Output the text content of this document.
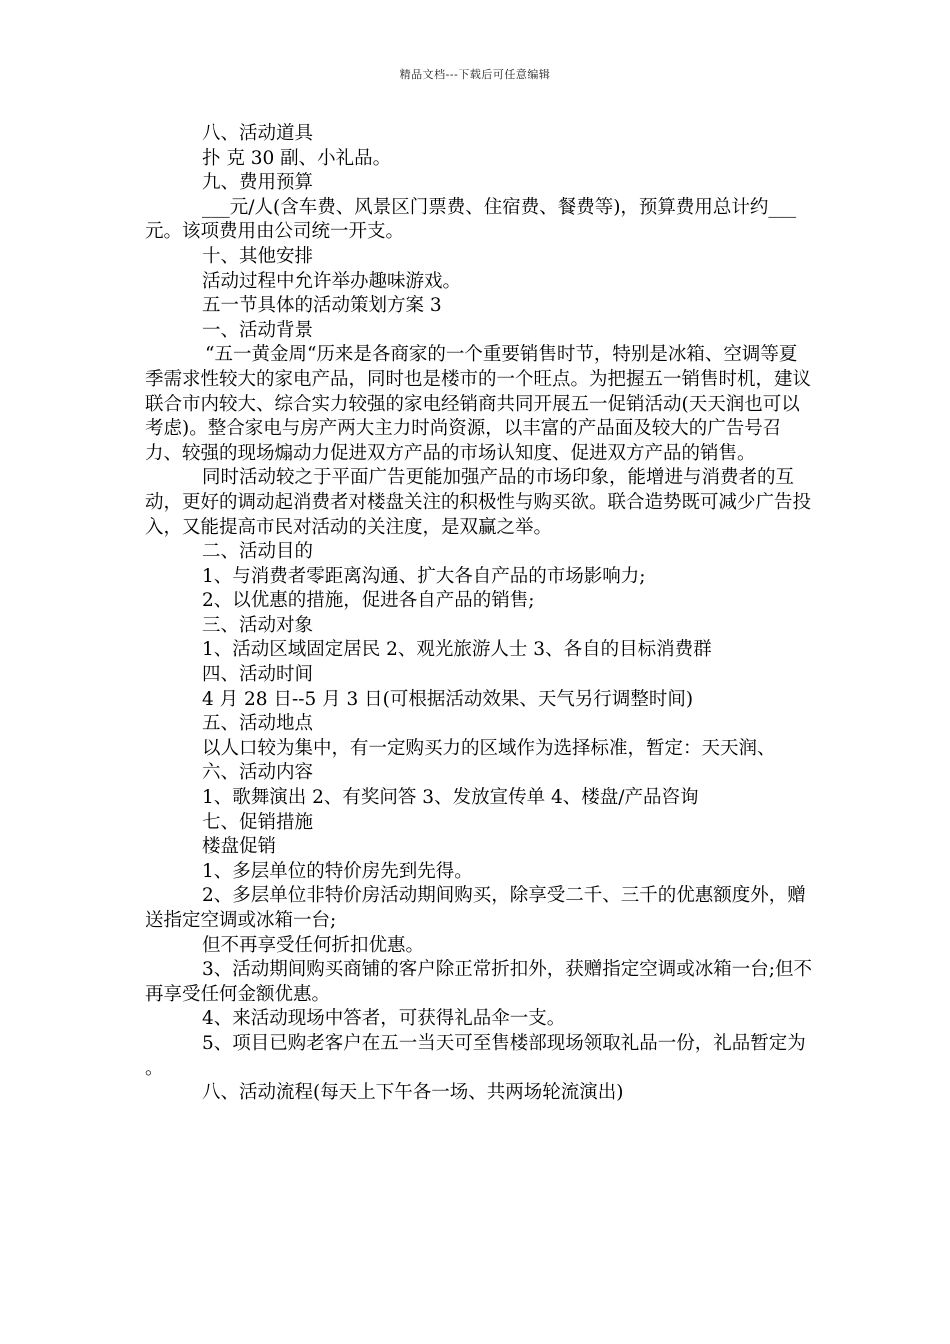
精品文档---下载后可任意编辑

八、活动道具

扑 克 30 副、小礼品。

九、费用预算

___元/人(含车费、风景区门票费、住宿费、餐费等)，预算费用总计约___元。该项费用由公司统一开支。

十、其他安排

活动过程中允许举办趣味游戏。

五一节具体的活动策划方案 3

一、活动背景

“五一黄金周“历来是各商家的一个重要销售时节，特别是冰箱、空调等夏季需求性较大的家电产品，同时也是楼市的一个旺点。为把握五一销售时机，建议联合市内较大、综合实力较强的家电经销商共同开展五一促销活动(天天润也可以考虑)。整合家电与房产两大主力时尚资源，以丰富的产品面及较大的广告号召力、较强的现场煽动力促进双方产品的市场认知度、促进双方产品的销售。

同时活动较之于平面广告更能加强产品的市场印象，能增进与消费者的互动，更好的调动起消费者对楼盘关注的积极性与购买欲。联合造势既可减少广告投入，又能提高市民对活动的关注度，是双赢之举。

二、活动目的

1、与消费者零距离沟通、扩大各自产品的市场影响力;

2、以优惠的措施，促进各自产品的销售;

三、活动对象

1、活动区域固定居民 2、观光旅游人士 3、各自的目标消费群

四、活动时间

4 月 28 日--5 月 3 日(可根据活动效果、天气另行调整时间)

五、活动地点

以人口较为集中，有一定购买力的区域作为选择标准，暂定：天天润、

六、活动内容

1、歌舞演出 2、有奖问答 3、发放宣传单 4、楼盘/产品咨询

七、促销措施

楼盘促销

1、多层单位的特价房先到先得。

2、多层单位非特价房活动期间购买，除享受二千、三千的优惠额度外，赠送指定空调或冰箱一台;

但不再享受任何折扣优惠。

3、活动期间购买商铺的客户除正常折扣外，获赠指定空调或冰箱一台;但不再享受任何金额优惠。

4、来活动现场中答者，可获得礼品伞一支。

5、项目已购老客户在五一当天可至售楼部现场领取礼品一份，礼品暂定为 。

八、活动流程(每天上下午各一场、共两场轮流演出)
